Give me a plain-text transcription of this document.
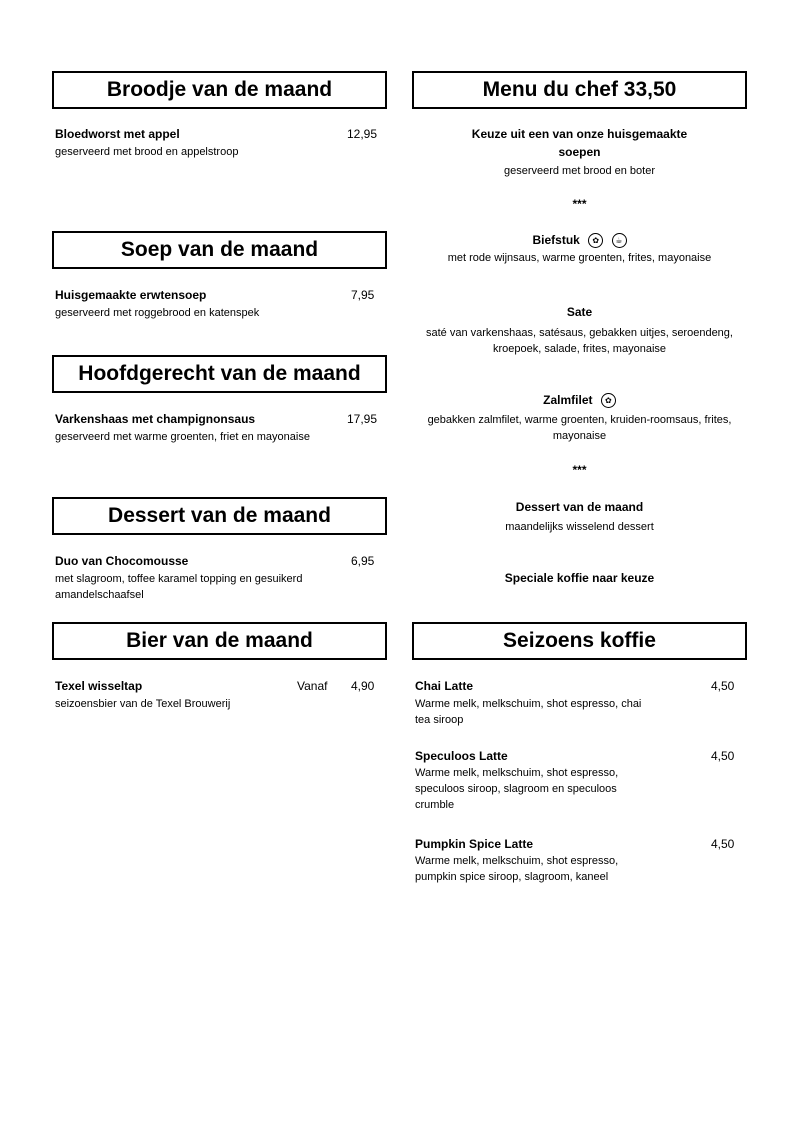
Broodje van de maand
Bloedworst met appel	12,95
geserveerd met brood en appelstroop
Soep van de maand
Huisgemaakte erwtensoep	7,95
geserveerd met roggebrood en katenspek
Hoofdgerecht van de maand
Varkenshaas met champignonsaus	17,95
geserveerd met warme groenten, friet en mayonaise
Dessert van de maand
Duo van Chocomousse	6,95
met slagroom, toffee karamel topping en gesuikerd
amandelschaafsel
Bier van de maand
Texel wisseltap	Vanaf 4,90
seizoensbier van de Texel Brouwerij
Menu du chef 33,50
Keuze uit een van onze huisgemaakte
soepen
geserveerd met brood en boter
***
Biefstuk ✿ ☕
met rode wijnsaus, warme groenten, frites, mayonaise
Sate
saté van varkenshaas, satésaus, gebakken uitjes, seroendeng,
kroepoek, salade, frites, mayonaise
Zalmfilet ✿
gebakken zalmfilet, warme groenten, kruiden-roomsaus, frites,
mayonaise
***
Dessert van de maand
maandelijks wisselend dessert
Speciale koffie naar keuze
Seizoens koffie
Chai Latte	4,50
Warme melk, melkschuim, shot espresso, chai
tea siroop
Speculoos Latte	4,50
Warme melk, melkschuim, shot espresso,
speculoos siroop, slagroom en speculoos
crumble
Pumpkin Spice Latte	4,50
Warme melk, melkschuim, shot espresso,
pumpkin spice siroop, slagroom, kaneel
